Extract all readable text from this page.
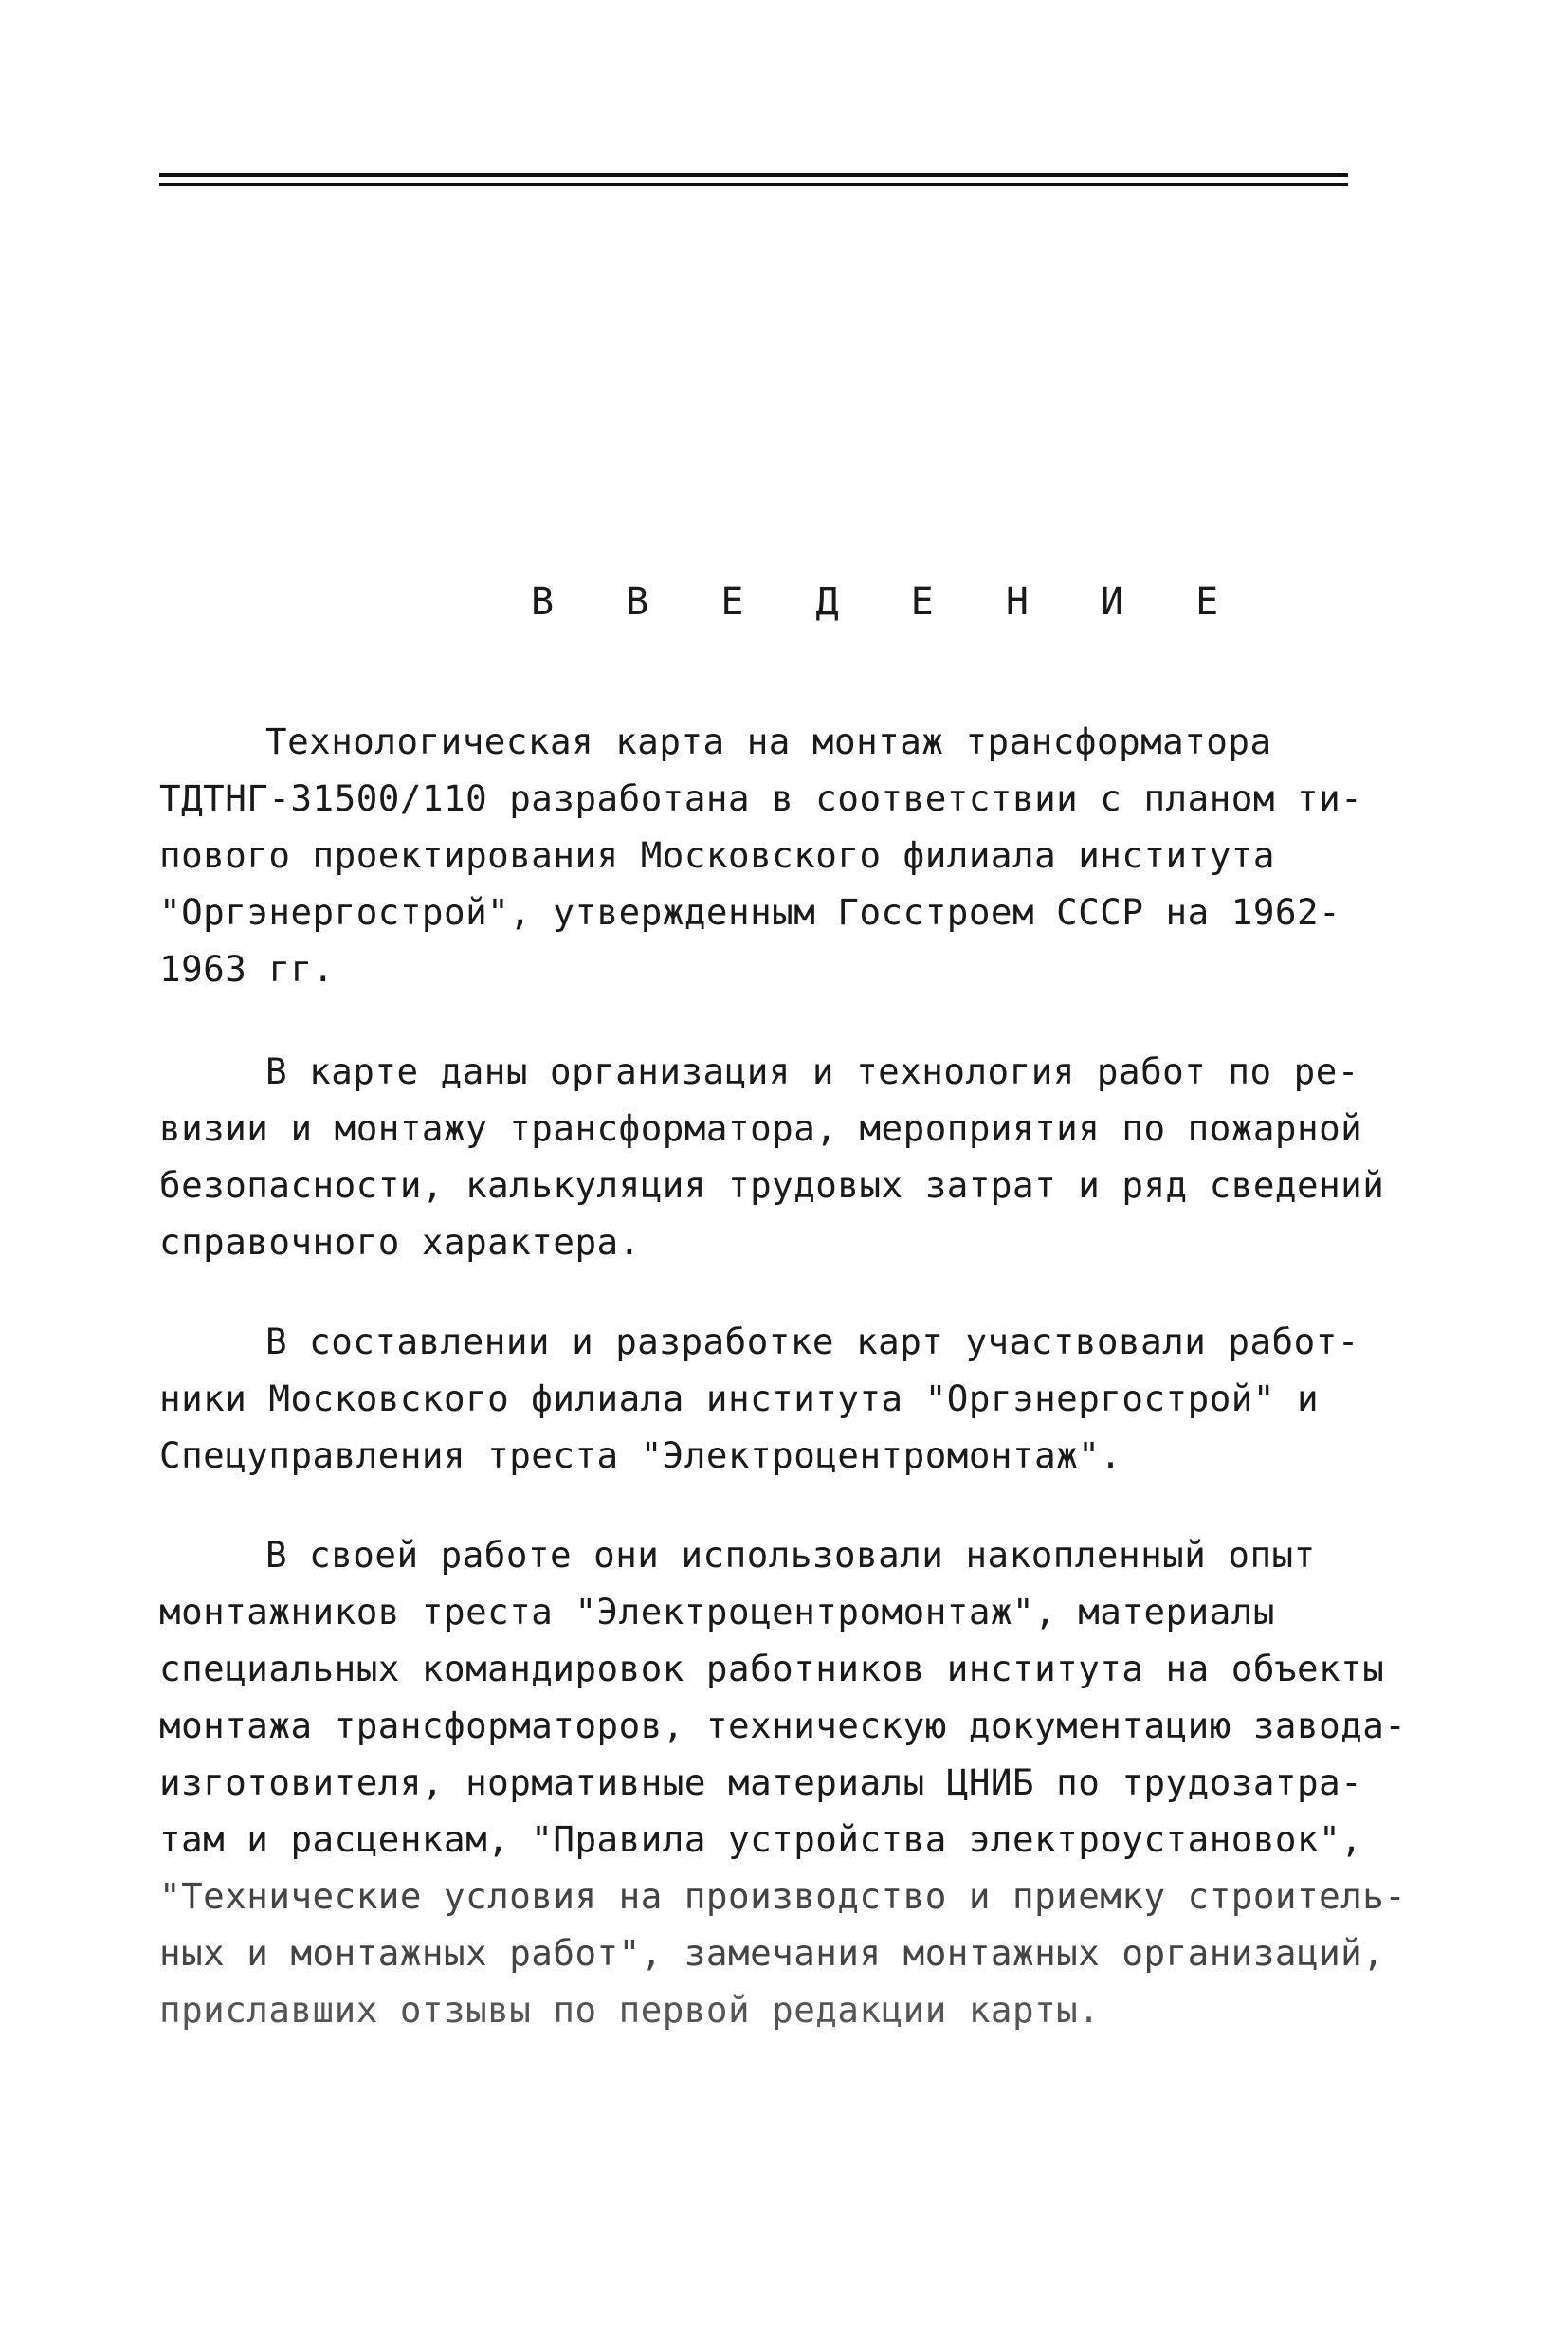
В В Е Д Е Н И Е
Технологическая карта на монтаж трансформатора
ТДТНГ-31500/110 разработана в соответствии с планом ти-
пового проектирования Московского филиала института
"Оргэнергострой", утвержденным Госстроем СССР на 1962-
1963 гг.
В карте даны организация и технология работ по ре-
визии и монтажу трансформатора, мероприятия по пожарной
безопасности, калькуляция трудовых затрат и ряд сведений
справочного характера.
В составлении и разработке карт участвовали работ-
ники Московского филиала института "Оргэнергострой" и
Спецуправления треста "Электроцентромонтаж".
В своей работе они использовали накопленный опыт
монтажников треста "Электроцентромонтаж", материалы
специальных командировок работников института на объекты
монтажа трансформаторов, техническую документацию завода-
изготовителя, нормативные материалы ЦНИБ по трудозатра-
там и расценкам, "Правила устройства электроустановок",
"Технические условия на производство и приемку строитель-
ных и монтажных работ", замечания монтажных организаций,
приславших отзывы по первой редакции карты.
